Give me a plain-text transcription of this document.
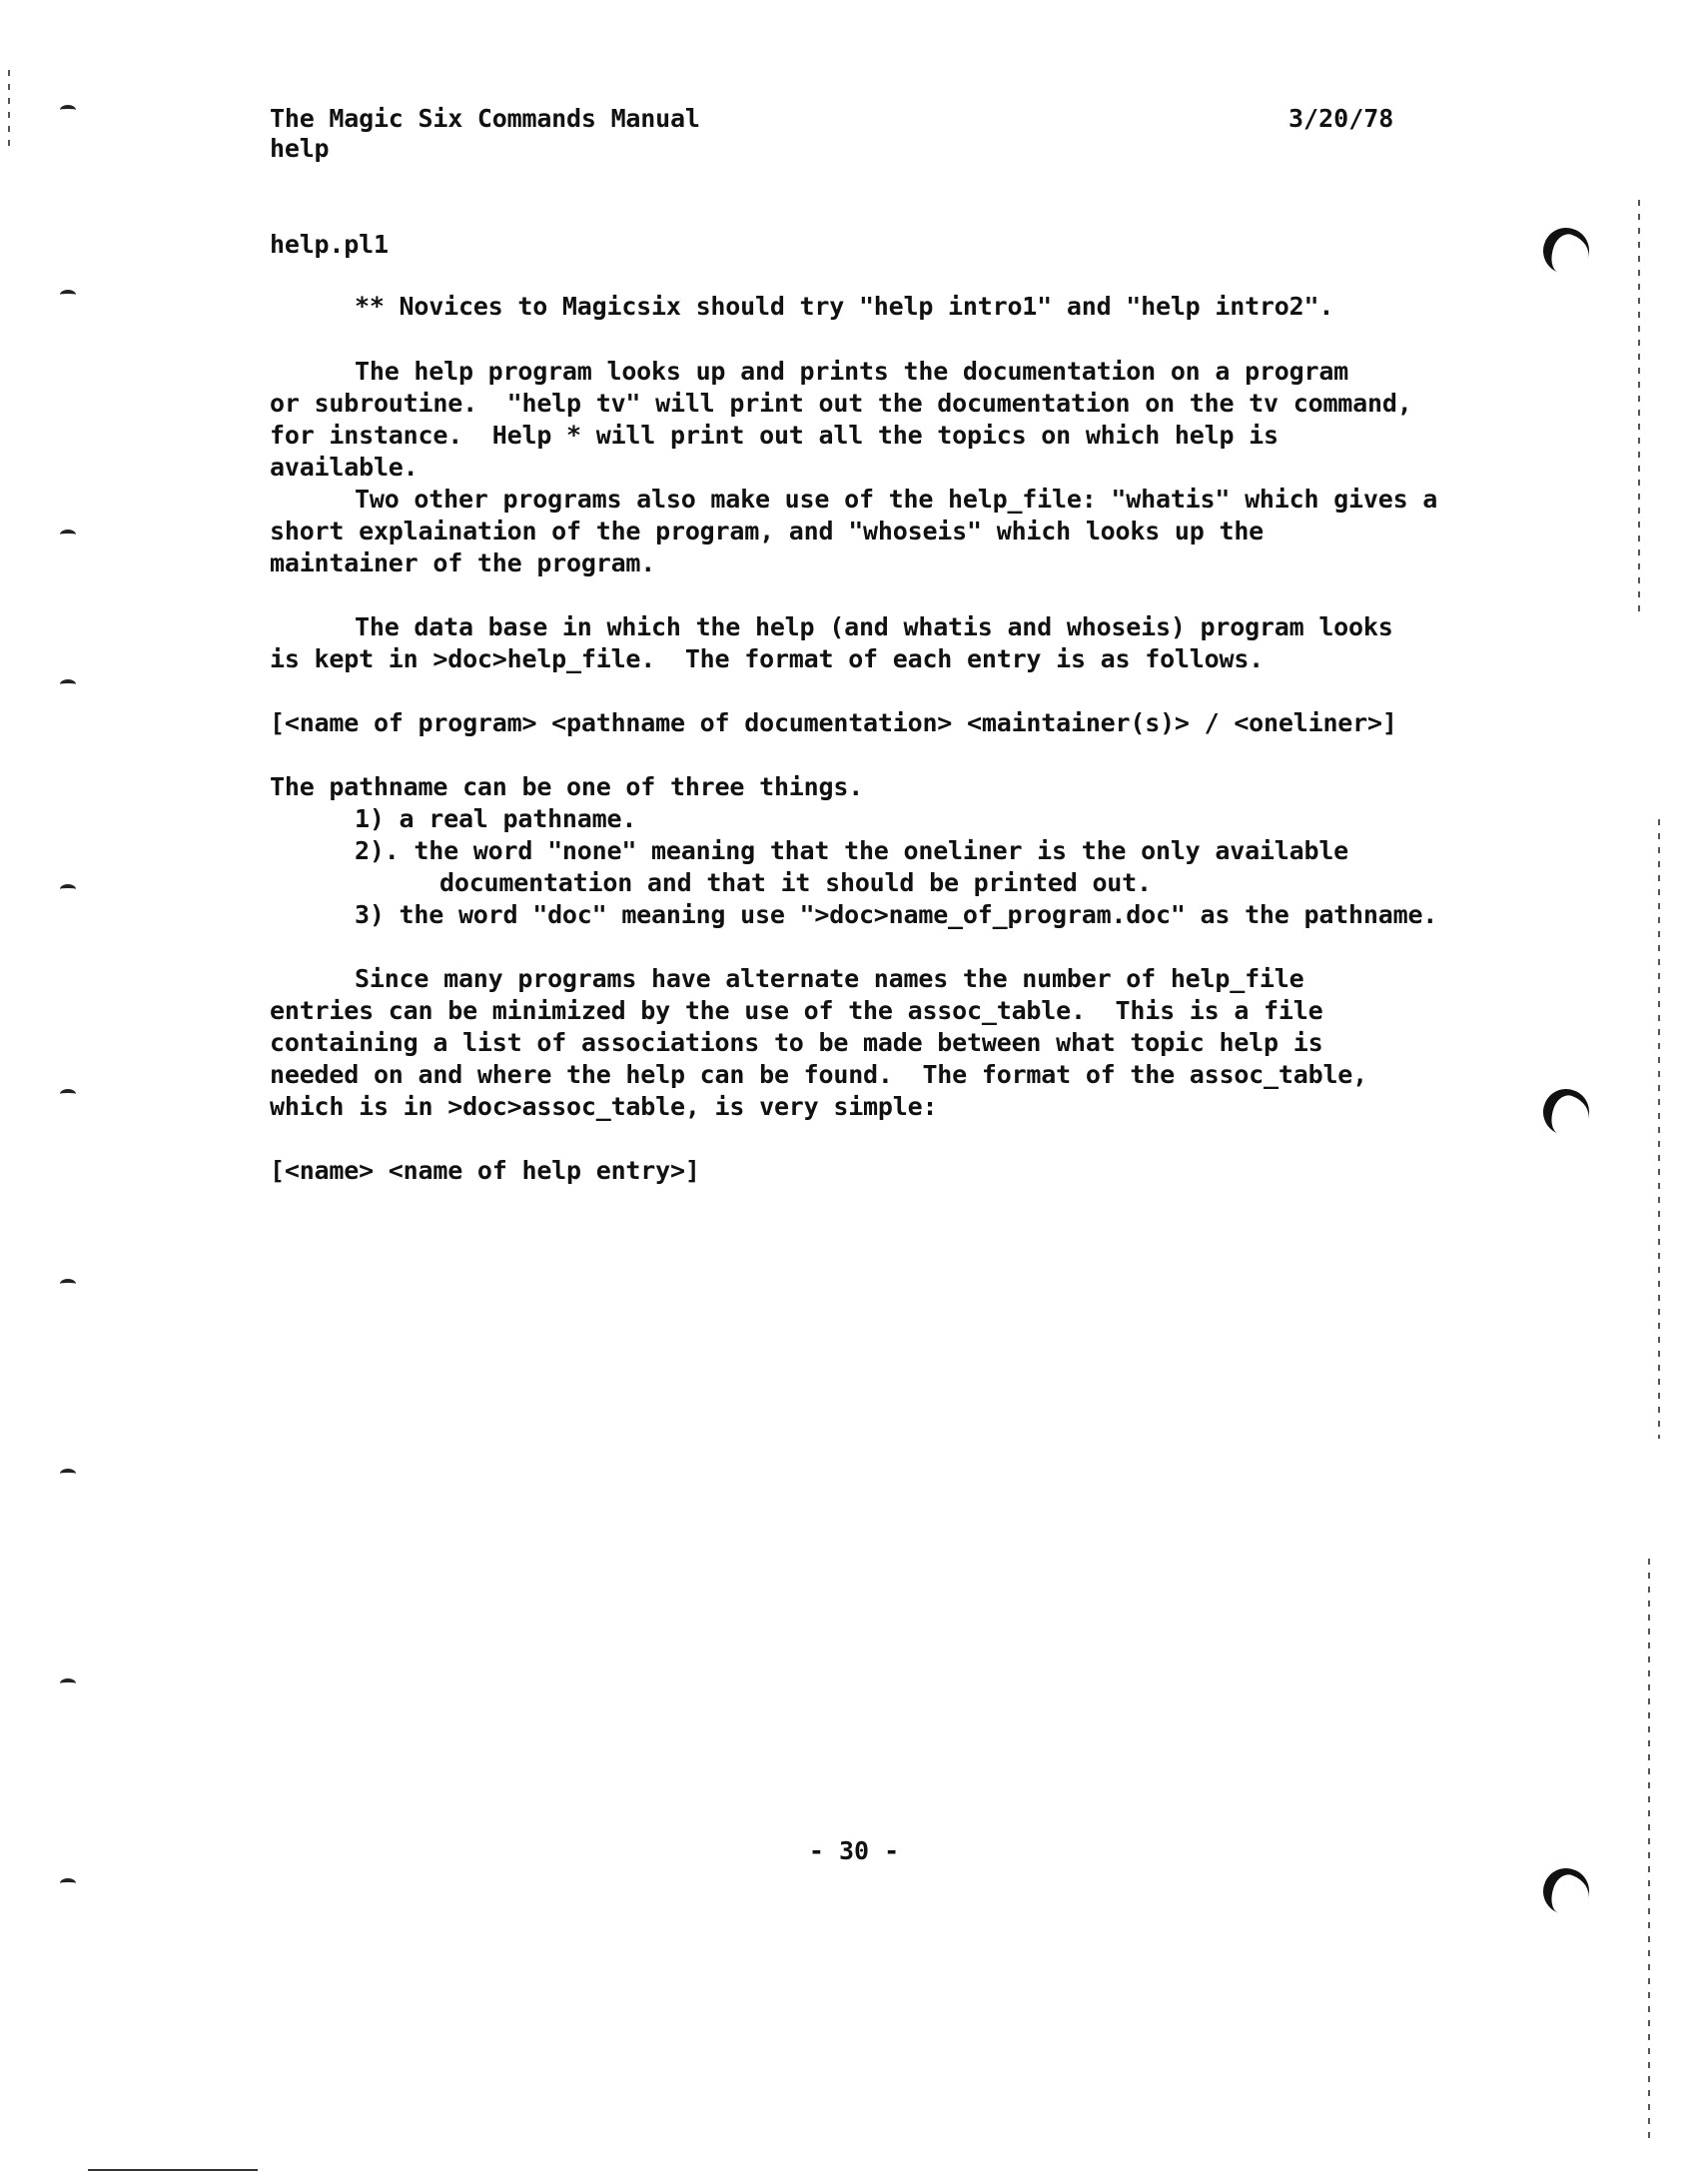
The Magic Six Commands Manual	3/20/78
help
help.pl1
** Novices to Magicsix should try "help intro1" and "help intro2".
The help program looks up and prints the documentation on a program
or subroutine.  "help tv" will print out the documentation on the tv command,
for instance.  Help * will print out all the topics on which help is
available.
Two other programs also make use of the help_file: "whatis" which gives a
short explaination of the program, and "whoseis" which looks up the
maintainer of the program.
The data base in which the help (and whatis and whoseis) program looks
is kept in >doc>help_file.  The format of each entry is as follows.
[<name of program> <pathname of documentation> <maintainer(s)> / <oneliner>]
The pathname can be one of three things.
1) a real pathname.
2). the word "none" meaning that the oneliner is the only available
documentation and that it should be printed out.
3) the word "doc" meaning use ">doc>name_of_program.doc" as the pathname.
Since many programs have alternate names the number of help_file
entries can be minimized by the use of the assoc_table.  This is a file
containing a list of associations to be made between what topic help is
needed on and where the help can be found.  The format of the assoc_table,
which is in >doc>assoc_table, is very simple:
[<name> <name of help entry>]
- 30 -
